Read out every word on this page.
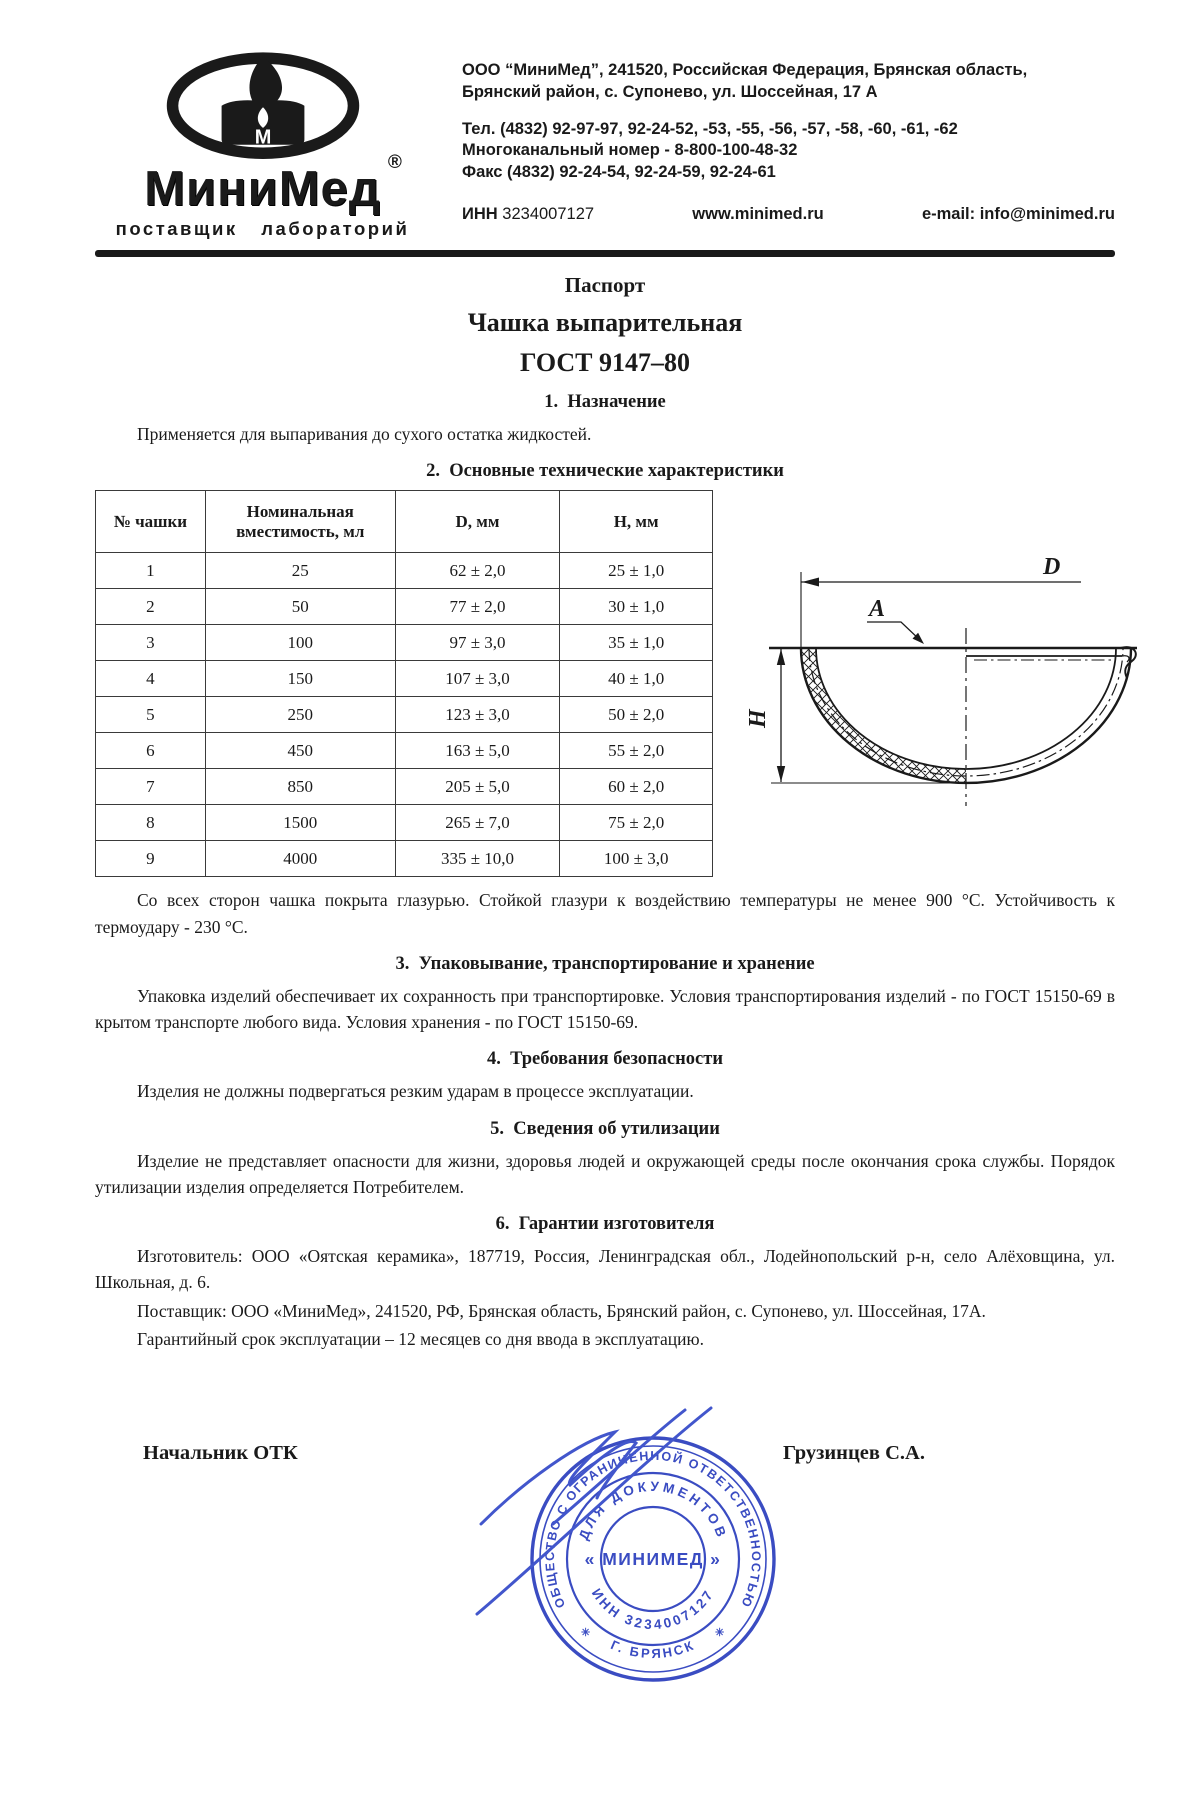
М
МиниМед ®
поставщик лабораторий
ООО “МиниМед”, 241520, Российская Федерация, Брянская область,
Брянский район, с. Супонево, ул. Шоссейная, 17 А
Тел. (4832) 92-97-97, 92-24-52, -53, -55, -56, -57, -58, -60, -61, -62
Многоканальный номер - 8-800-100-48-32
Факс (4832) 92-24-54, 92-24-59, 92-24-61
ИНН 3234007127	www.minimed.ru	e-mail: info@minimed.ru
Паспорт
Чашка выпарительная
ГОСТ 9147–80
1.  Назначение

Применяется для выпаривания до сухого остатка жидкостей.

2.  Основные технические характеристики
№ чашки	Номинальная вместимость, мл	D, мм	Н, мм
1	25	62 ± 2,0	25 ± 1,0
2	50	77 ± 2,0	30 ± 1,0
3	100	97 ± 3,0	35 ± 1,0
4	150	107 ± 3,0	40 ± 1,0
5	250	123 ± 3,0	50 ± 2,0
6	450	163 ± 5,0	55 ± 2,0
7	850	205 ± 5,0	60 ± 2,0
8	1500	265 ± 7,0	75 ± 2,0
9	4000	335 ± 10,0	100 ± 3,0
D
A
H

Со всех сторон чашка покрыта глазурью. Стойкой глазури к воздействию температуры не менее 900 °С. Устойчивость к термоудару - 230 °С.

3.  Упаковывание, транспортирование и хранение

Упаковка изделий обеспечивает их сохранность при транспортировке. Условия транспортирования изделий - по ГОСТ 15150-69 в крытом транспорте любого вида. Условия хранения - по ГОСТ 15150-69.

4.  Требования безопасности

Изделия не должны подвергаться резким ударам в процессе эксплуатации.

5.  Сведения об утилизации

Изделие не представляет опасности для жизни, здоровья людей и окружающей среды после окончания срока службы. Порядок утилизации изделия определяется Потребителем.

6.  Гарантии изготовителя

Изготовитель: ООО «Оятская керамика», 187719, Россия, Ленинградская обл., Лодейнопольский р-н, село Алёховщина, ул. Школьная, д. 6.

Поставщик: ООО «МиниМед», 241520, РФ, Брянская область, Брянский район, с. Супонево, ул. Шоссейная, 17А.

Гарантийный срок эксплуатации – 12 месяцев со дня ввода в эксплуатацию.

Начальник ОТК	Грузинцев С.А.
ОБЩЕСТВО С ОГРАНИЧЕННОЙ ОТВЕТСТВЕННОСТЬЮ
Г. БРЯНСК
ДЛЯ ДОКУМЕНТОВ
ИНН 3234007127
« МИНИМЕД »
✳	✳
